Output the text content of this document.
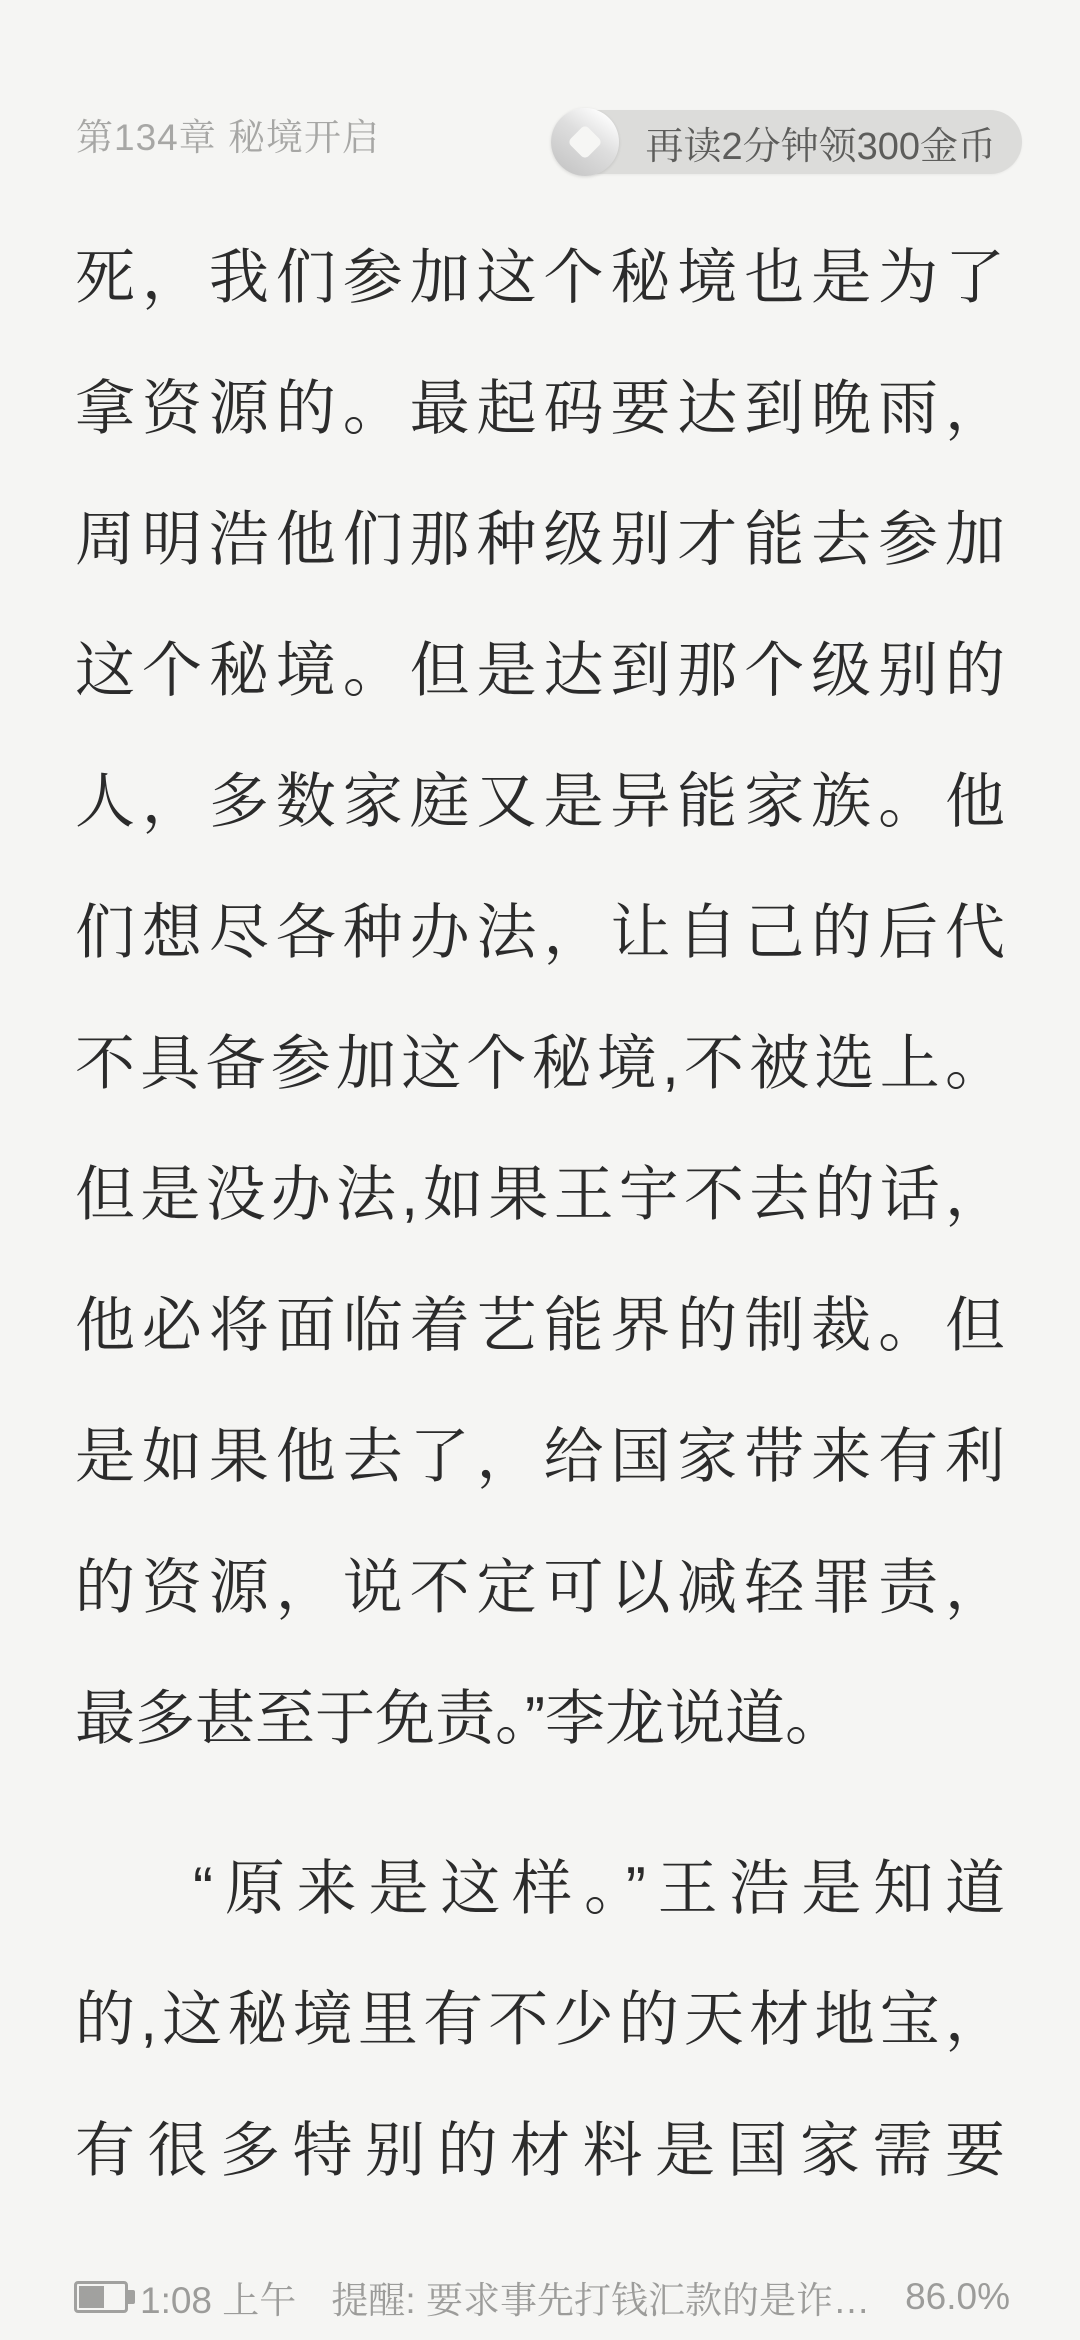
第134章 秘境开启	再读2分钟领300金币
死，我们参加这个秘境也是为了
拿资源的。最起码要达到晚雨，
周明浩他们那种级别才能去参加
这个秘境。但是达到那个级别的
人，多数家庭又是异能家族。他
们想尽各种办法，让自己的后代
不具备参加这个秘境,不被选上。
但是没办法,如果王宇不去的话，
他必将面临着艺能界的制裁。但
是如果他去了，给国家带来有利
的资源，说不定可以减轻罪责，
最多甚至于免责。”李龙说道。
“原来是这样。”王浩是知道
的,这秘境里有不少的天材地宝，
有很多特别的材料是国家需要
1:08 上午 提醒: 要求事先打钱汇款的是诈… 86.0%
